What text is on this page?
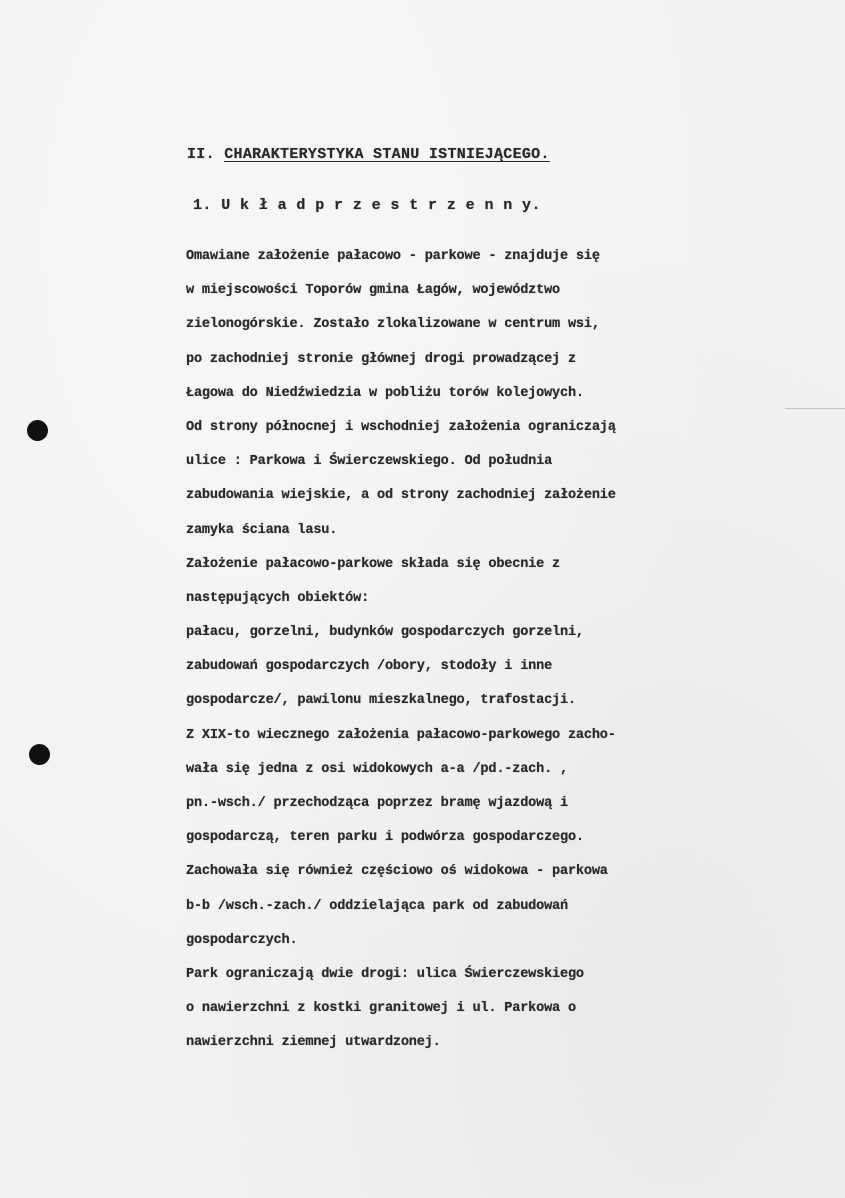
II. CHARAKTERYSTYKA STANU ISTNIEJĄCEGO.
1. U k ł a d p r z e s t r z e n n y.
Omawiane założenie pałacowo - parkowe - znajduje się
w miejscowości Toporów gmina Łagów, województwo
zielonogórskie. Zostało zlokalizowane w centrum wsi,
po zachodniej stronie głównej drogi prowadzącej z
Łagowa do Niedźwiedzia w pobliżu torów kolejowych.
Od strony północnej i wschodniej założenia ograniczają
ulice : Parkowa i Świerczewskiego. Od południa
zabudowania wiejskie, a od strony zachodniej założenie
zamyka ściana lasu.
Założenie pałacowo-parkowe składa się obecnie z
następujących obiektów:
pałacu, gorzelni, budynków gospodarczych gorzelni,
zabudowań gospodarczych /obory, stodoły i inne
gospodarcze/, pawilonu mieszkalnego, trafostacji.
Z XIX-to wiecznego założenia pałacowo-parkowego zacho-
wała się jedna z osi widokowych a-a /pd.-zach. ,
pn.-wsch./ przechodząca poprzez bramę wjazdową i
gospodarczą, teren parku i podwórza gospodarczego.
Zachowała się również częściowo oś widokowa - parkowa
b-b /wsch.-zach./ oddzielająca park od zabudowań
gospodarczych.
Park ograniczają dwie drogi: ulica Świerczewskiego
o nawierzchni z kostki granitowej i ul. Parkowa o
nawierzchni ziemnej utwardzonej.
